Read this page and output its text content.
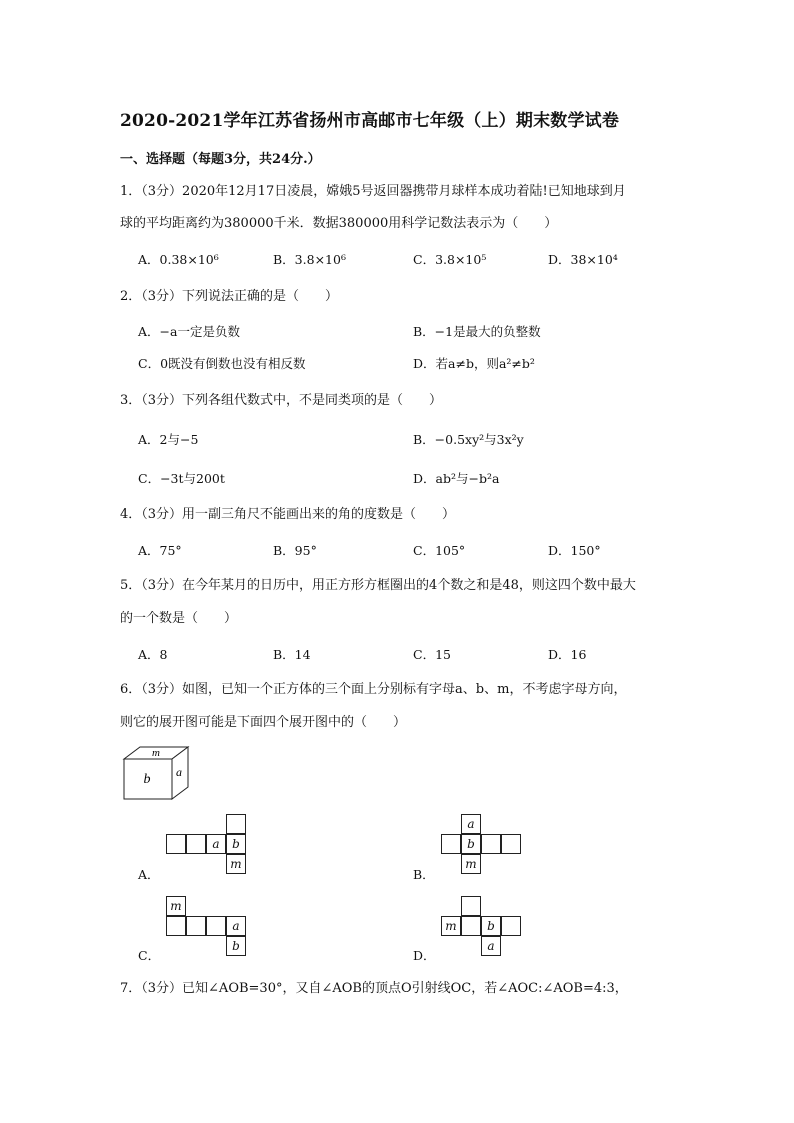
2020-2021学年江苏省扬州市高邮市七年级（上）期末数学试卷
一、选择题（每题3分，共24分.）
1．（3分）2020年12月17日凌晨，嫦娥5号返回器携带月球样本成功着陆!已知地球到月
球的平均距离约为380000千米．数据380000用科学记数法表示为（　　）
A．0.38×10⁶	B．3.8×10⁶	C．3.8×10⁵	D．38×10⁴
2．（3分）下列说法正确的是（　　）
A．−a一定是负数	B．−1是最大的负整数
C．0既没有倒数也没有相反数	D．若a≠b，则a²≠b²
3．（3分）下列各组代数式中，不是同类项的是（　　）
A．2与−5	B．−0.5xy²与3x²y
C．−3t与200t	D．ab²与−b²a
4．（3分）用一副三角尺不能画出来的角的度数是（　　）
A．75°	B．95°	C．105°	D．150°
5．（3分）在今年某月的日历中，用正方形方框圈出的4个数之和是48，则这四个数中最大
的一个数是（　　）
A．8	B．14	C．15	D．16
6．（3分）如图，已知一个正方体的三个面上分别标有字母a、b、m，不考虑字母方向，
则它的展开图可能是下面四个展开图中的（　　）
m
b a
a	b
m
A．
a
b
m
B．
m
a
b
C．
m	b
a
D．
7．（3分）已知∠AOB=30°，又自∠AOB的顶点O引射线OC，若∠AOC:∠AOB=4:3，
